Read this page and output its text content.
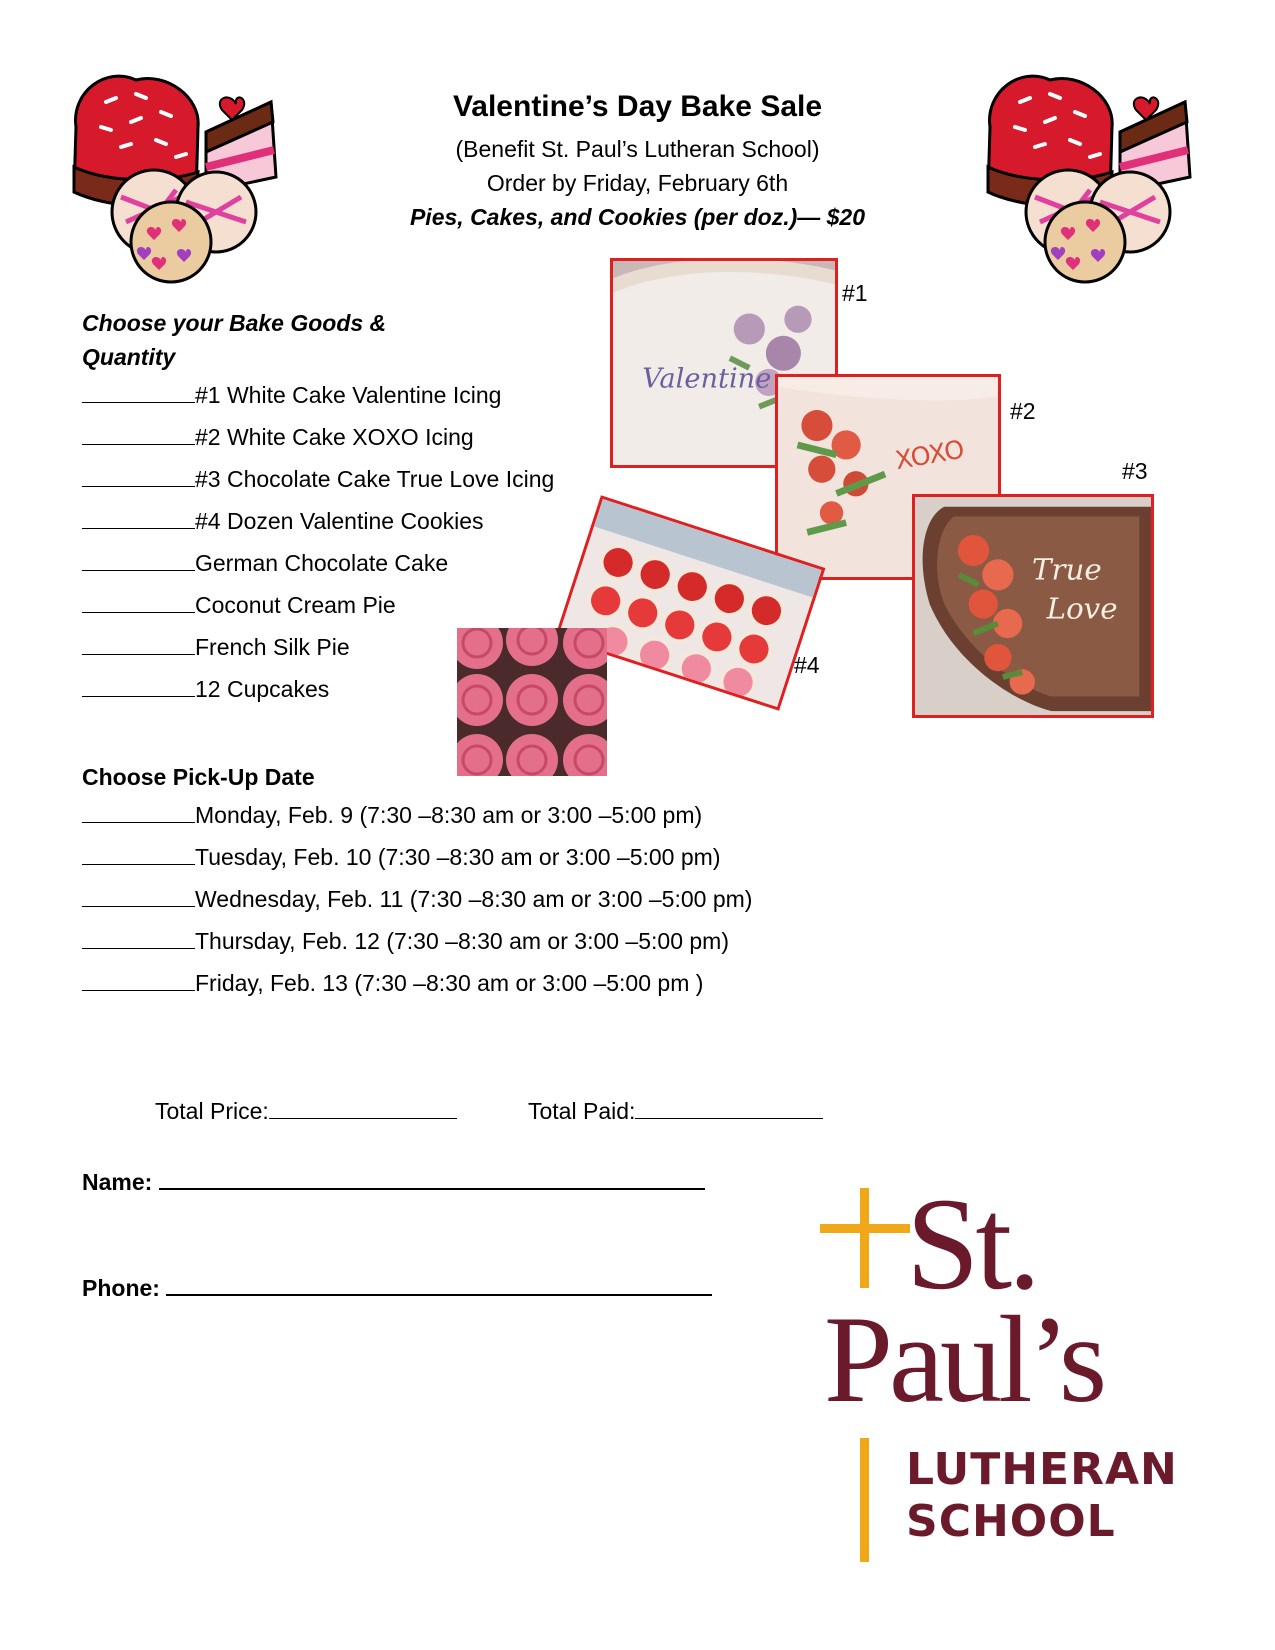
Valentine’s Day Bake Sale
(Benefit St. Paul’s Lutheran School)
Order by Friday, February 6th
Pies, Cakes, and Cookies (per doz.)— $20
Choose your Bake Goods &
Quantity
#1 White Cake Valentine Icing
#2 White Cake XOXO Icing
#3 Chocolate Cake True Love Icing
#4 Dozen Valentine Cookies
German Chocolate Cake
Coconut Cream Pie
French Silk Pie
12 Cupcakes
Valentine
#1
XOXO
#2
True
Love
#3
#4
Choose Pick-Up Date
Monday, Feb. 9 (7:30 –8:30 am or 3:00 –5:00 pm)
Tuesday, Feb. 10 (7:30 –8:30 am or 3:00 –5:00 pm)
Wednesday, Feb. 11 (7:30 –8:30 am or 3:00 –5:00 pm)
Thursday, Feb. 12 (7:30 –8:30 am or 3:00 –5:00 pm)
Friday, Feb. 13 (7:30 –8:30 am or 3:00 –5:00 pm )
Total Price:	Total Paid:
Name:
Phone:	St.
Paul’s
LUTHERAN
SCHOOL
